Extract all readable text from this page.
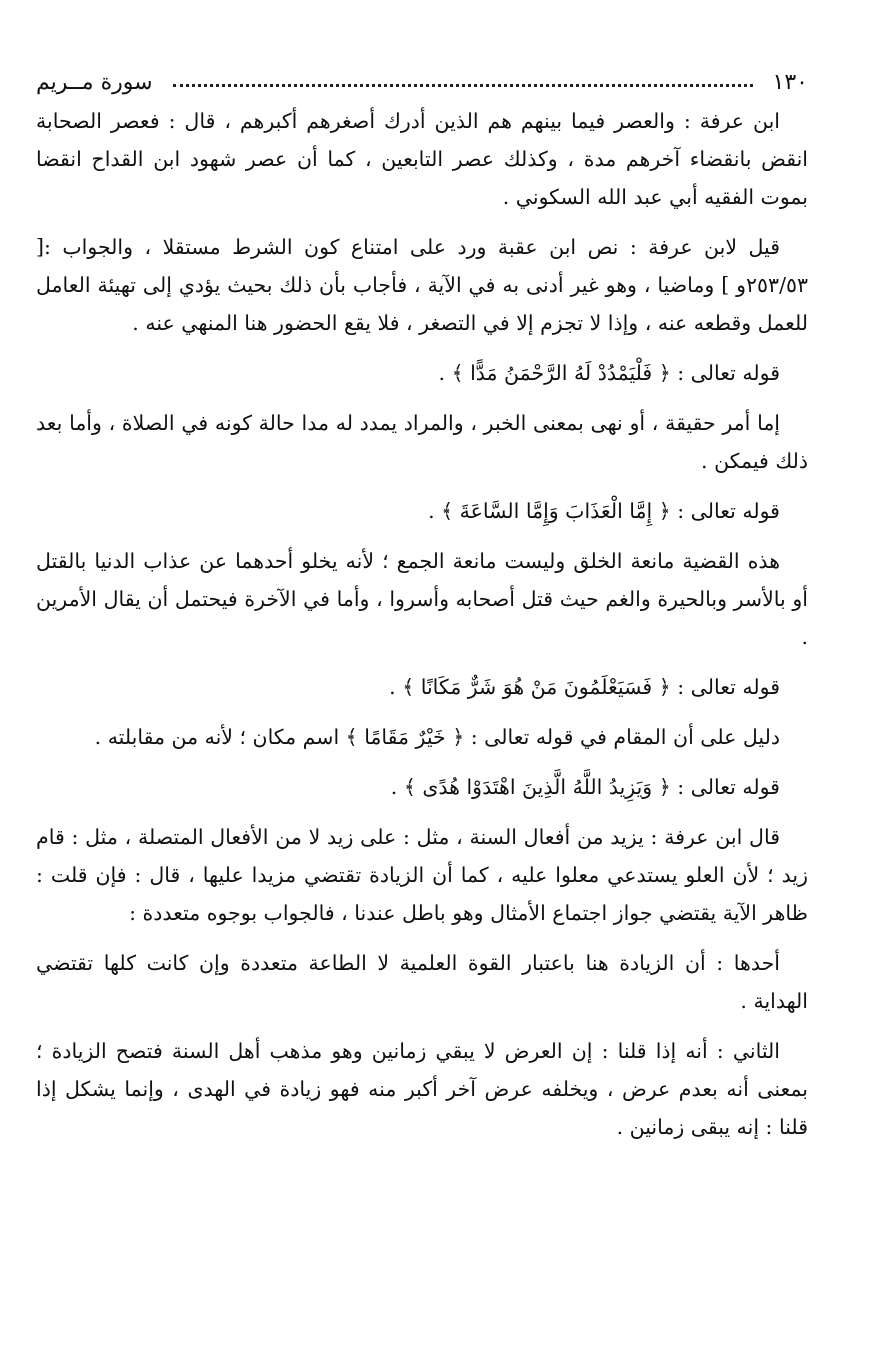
١٣٠
سورة مــريم

ابن عرفة : والعصر فيما بينهم هم الذين أدرك أصغرهم أكبرهم ، قال : فعصر الصحابة انقض بانقضاء آخرهم مدة ، وكذلك عصر التابعين ، كما أن عصر شهود ابن القداح انقضا بموت الفقيه أبي عبد الله السكوني .

قيل لابن عرفة : نص ابن عقبة ورد على امتناع كون الشرط مستقلا ، والجواب :[ ٢٥٣/٥٣و ] وماضيا ، وهو غير أدنى به في الآية ، فأجاب بأن ذلك بحيث يؤدي إلى تهيئة العامل للعمل وقطعه عنه ، وإذا لا تجزم إلا في التصغر ، فلا يقع الحضور هنا المنهي عنه .

قوله تعالى : ﴿ فَلْيَمْدُدْ لَهُ الرَّحْمَنُ مَدًّا ﴾ .

إما أمر حقيقة ، أو نهى بمعنى الخبر ، والمراد يمدد له مدا حالة كونه في الصلاة ، وأما بعد ذلك فيمكن .

قوله تعالى : ﴿ إِمَّا الْعَذَابَ وَإِمَّا السَّاعَةَ ﴾ .

هذه القضية مانعة الخلق وليست مانعة الجمع ؛ لأنه يخلو أحدهما عن عذاب الدنيا بالقتل أو بالأسر وبالحيرة والغم حيث قتل أصحابه وأسروا ، وأما في الآخرة فيحتمل أن يقال الأمرين .

قوله تعالى : ﴿ فَسَيَعْلَمُونَ مَنْ هُوَ شَرٌّ مَكَانًا ﴾ .

دليل على أن المقام في قوله تعالى : ﴿ خَيْرٌ مَقَامًا ﴾ اسم مكان ؛ لأنه من مقابلته .

قوله تعالى : ﴿ وَيَزِيدُ اللَّهُ الَّذِينَ اهْتَدَوْا هُدًى ﴾ .

قال ابن عرفة : يزيد من أفعال السنة ، مثل : على زيد لا من الأفعال المتصلة ، مثل : قام زيد ؛ لأن العلو يستدعي معلوا عليه ، كما أن الزيادة تقتضي مزيدا عليها ، قال : فإن قلت : ظاهر الآية يقتضي جواز اجتماع الأمثال وهو باطل عندنا ، فالجواب بوجوه متعددة :

أحدها : أن الزيادة هنا باعتبار القوة العلمية لا الطاعة متعددة وإن كانت كلها تقتضي الهداية .

الثاني : أنه إذا قلنا : إن العرض لا يبقي زمانين وهو مذهب أهل السنة فتصح الزيادة ؛ بمعنى أنه بعدم عرض ، ويخلفه عرض آخر أكبر منه فهو زيادة في الهدى ، وإنما يشكل إذا قلنا : إنه يبقى زمانين .
